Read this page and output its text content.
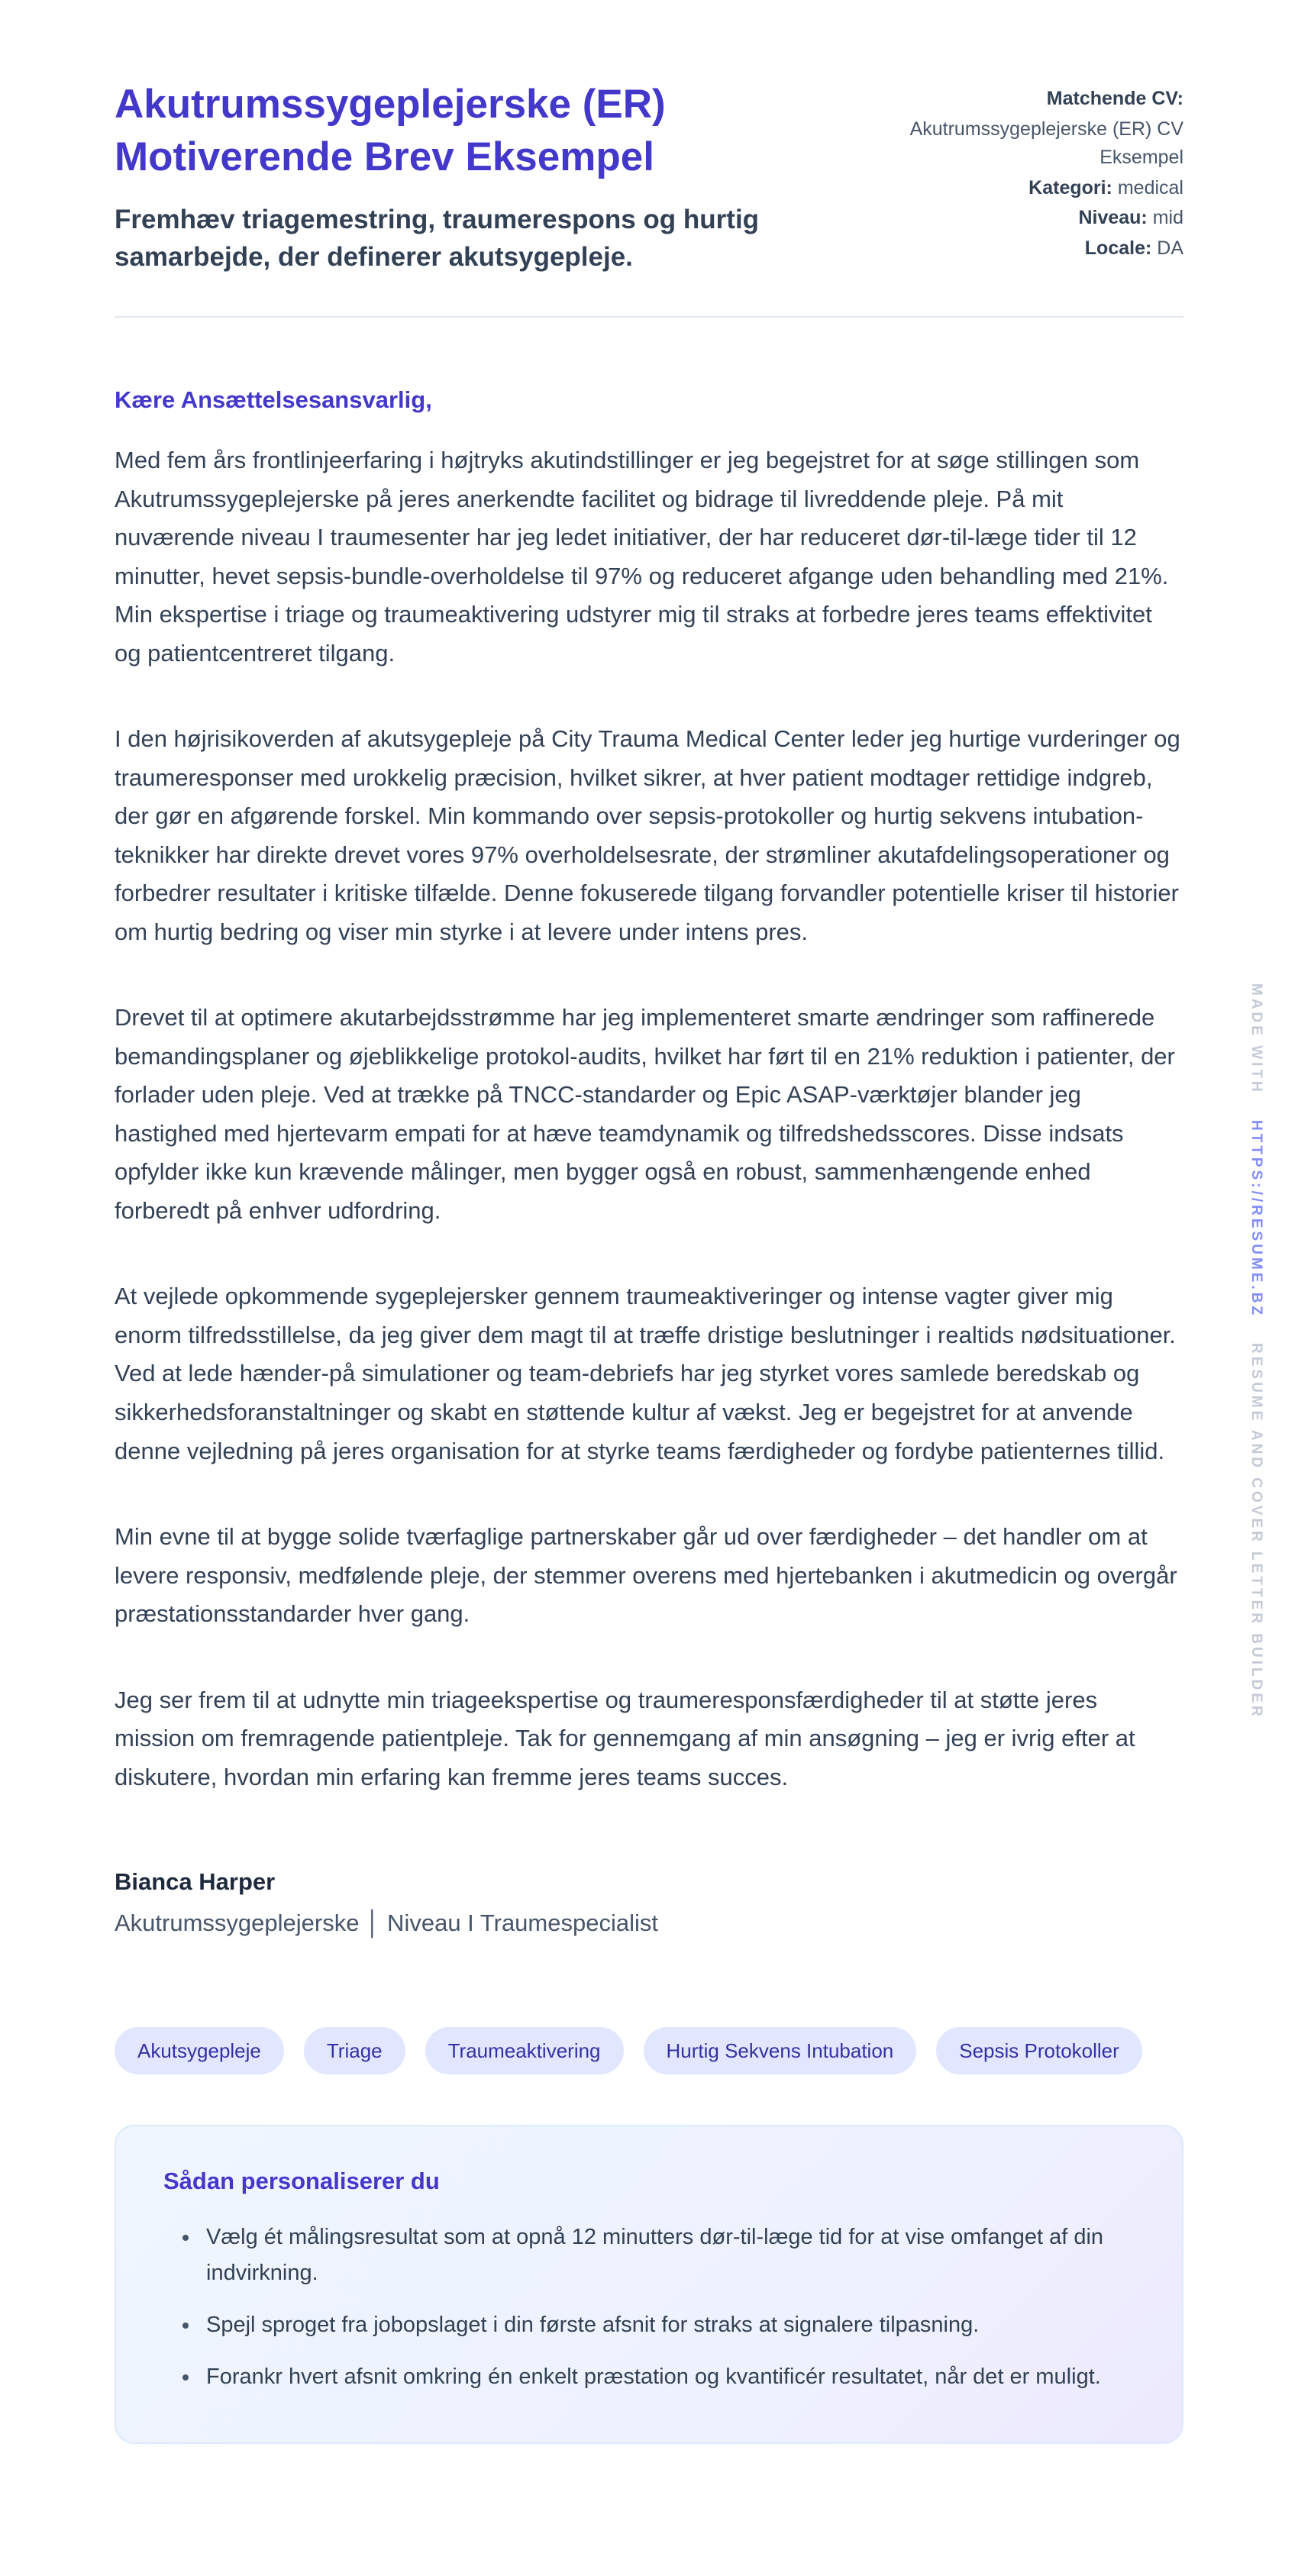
Akutrumssygeplejerske (ER)
Motiverende Brev Eksempel

Fremhæv triagemestring, traumerespons og hurtig samarbejde, der definerer akutsygepleje.

Matchende CV:
Akutrumssygeplejerske (ER) CV Eksempel
Kategori: medical
Niveau: mid
Locale: DA

Kære Ansættelsesansvarlig,

Med fem års frontlinjeerfaring i højtryks akutindstillinger er jeg begejstret for at søge stillingen som Akutrumssygeplejerske på jeres anerkendte facilitet og bidrage til livreddende pleje. På mit nuværende niveau I traumesenter har jeg ledet initiativer, der har reduceret dør-til-læge tider til 12 minutter, hevet sepsis-bundle-overholdelse til 97% og reduceret afgange uden behandling med 21%. Min ekspertise i triage og traumeaktivering udstyrer mig til straks at forbedre jeres teams effektivitet og patientcentreret tilgang.

I den højrisikoverden af akutsygepleje på City Trauma Medical Center leder jeg hurtige vurderinger og traumeresponser med urokkelig præcision, hvilket sikrer, at hver patient modtager rettidige indgreb, der gør en afgørende forskel. Min kommando over sepsis-protokoller og hurtig sekvens intubation-teknikker har direkte drevet vores 97% overholdelsesrate, der strømliner akutafdelingsoperationer og forbedrer resultater i kritiske tilfælde. Denne fokuserede tilgang forvandler potentielle kriser til historier om hurtig bedring og viser min styrke i at levere under intens pres.

Drevet til at optimere akutarbejdsstrømme har jeg implementeret smarte ændringer som raffinerede bemandingsplaner og øjeblikkelige protokol-audits, hvilket har ført til en 21% reduktion i patienter, der forlader uden pleje. Ved at trække på TNCC-standarder og Epic ASAP-værktøjer blander jeg hastighed med hjertevarm empati for at hæve teamdynamik og tilfredshedsscores. Disse indsats opfylder ikke kun krævende målinger, men bygger også en robust, sammenhængende enhed forberedt på enhver udfordring.

At vejlede opkommende sygeplejersker gennem traumeaktiveringer og intense vagter giver mig enorm tilfredsstillelse, da jeg giver dem magt til at træffe dristige beslutninger i realtids nødsituationer. Ved at lede hænder-på simulationer og team-debriefs har jeg styrket vores samlede beredskab og sikkerhedsforanstaltninger og skabt en støttende kultur af vækst. Jeg er begejstret for at anvende denne vejledning på jeres organisation for at styrke teams færdigheder og fordybe patienternes tillid.

Min evne til at bygge solide tværfaglige partnerskaber går ud over færdigheder – det handler om at levere responsiv, medfølende pleje, der stemmer overens med hjertebanken i akutmedicin og overgår præstationsstandarder hver gang.

Jeg ser frem til at udnytte min triageekspertise og traumeresponsfærdigheder til at støtte jeres mission om fremragende patientpleje. Tak for gennemgang af min ansøgning – jeg er ivrig efter at diskutere, hvordan min erfaring kan fremme jeres teams succes.

Bianca Harper

Akutrumssygeplejerske │ Niveau I Traumespecialist

Akutsygepleje	Triage	Traumeaktivering	Hurtig Sekvens Intubation	Sepsis Protokoller
Sådan personaliserer du
• Vælg ét målingsresultat som at opnå 12 minutters dør-til-læge tid for at vise omfanget af din indvirkning.
• Spejl sproget fra jobopslaget i din første afsnit for straks at signalere tilpasning.
• Forankr hvert afsnit omkring én enkelt præstation og kvantificér resultatet, når det er muligt.
MADE WITH HTTPS://RESUME.BZ RESUME AND COVER LETTER BUILDER
